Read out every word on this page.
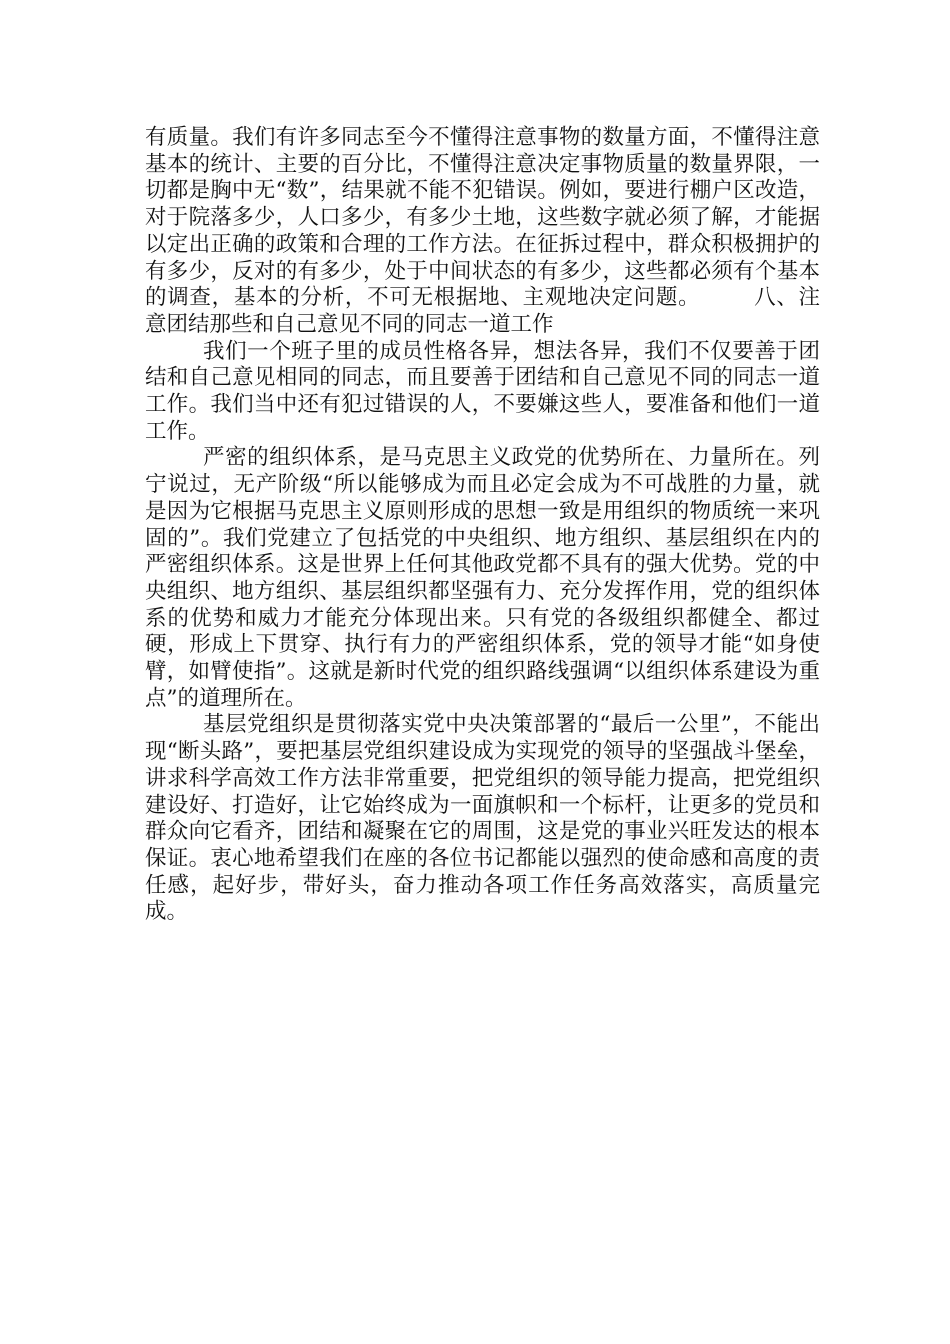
有质量。我们有许多同志至今不懂得注意事物的数量方面，不懂得注意基本的统计、主要的百分比，不懂得注意决定事物质量的数量界限，一切都是胸中无“数”，结果就不能不犯错误。例如，要进行棚户区改造，对于院落多少，人口多少，有多少土地，这些数字就必须了解，才能据以定出正确的政策和合理的工作方法。在征拆过程中，群众积极拥护的有多少，反对的有多少，处于中间状态的有多少，这些都必须有个基本的调查，基本的分析，不可无根据地、主观地决定问题。	八、注意团结那些和自己意见不同的同志一道工作

我们一个班子里的成员性格各异，想法各异，我们不仅要善于团结和自己意见相同的同志，而且要善于团结和自己意见不同的同志一道工作。我们当中还有犯过错误的人，不要嫌这些人，要准备和他们一道工作。

严密的组织体系，是马克思主义政党的优势所在、力量所在。列宁说过，无产阶级“所以能够成为而且必定会成为不可战胜的力量，就是因为它根据马克思主义原则形成的思想一致是用组织的物质统一来巩固的”。我们党建立了包括党的中央组织、地方组织、基层组织在内的严密组织体系。这是世界上任何其他政党都不具有的强大优势。党的中央组织、地方组织、基层组织都坚强有力、充分发挥作用，党的组织体系的优势和威力才能充分体现出来。只有党的各级组织都健全、都过硬，形成上下贯穿、执行有力的严密组织体系，党的领导才能“如身使臂，如臂使指”。这就是新时代党的组织路线强调“以组织体系建设为重点”的道理所在。

基层党组织是贯彻落实党中央决策部署的“最后一公里”，不能出现“断头路”，要把基层党组织建设成为实现党的领导的坚强战斗堡垒，讲求科学高效工作方法非常重要，把党组织的领导能力提高，把党组织建设好、打造好，让它始终成为一面旗帜和一个标杆，让更多的党员和群众向它看齐，团结和凝聚在它的周围，这是党的事业兴旺发达的根本保证。衷心地希望我们在座的各位书记都能以强烈的使命感和高度的责任感，起好步，带好头，奋力推动各项工作任务高效落实，高质量完成。
